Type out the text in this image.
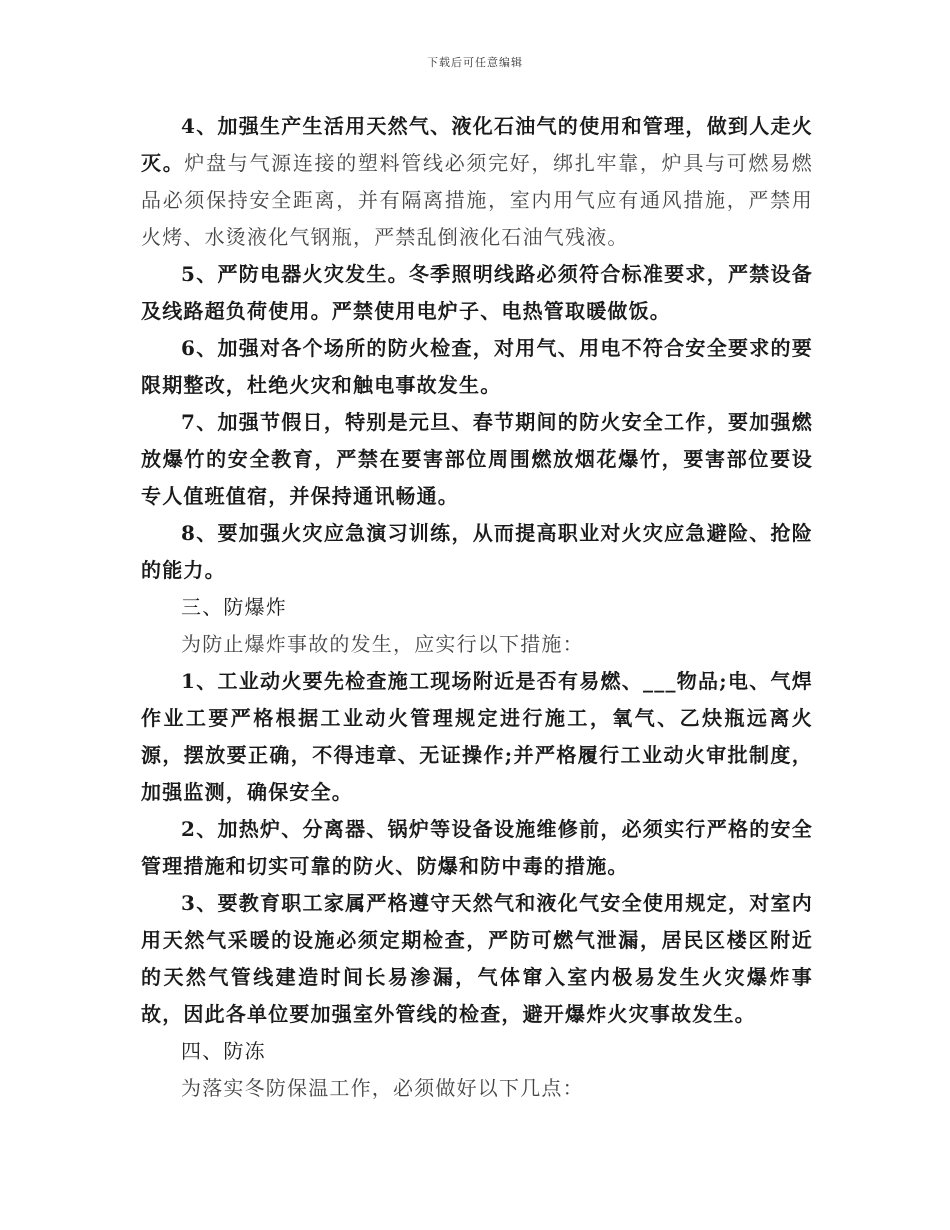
下载后可任意编辑

4、加强生产生活用天然气、液化石油气的使用和管理，做到人走火灭。炉盘与气源连接的塑料管线必须完好，绑扎牢靠，炉具与可燃易燃品必须保持安全距离，并有隔离措施，室内用气应有通风措施，严禁用火烤、水烫液化气钢瓶，严禁乱倒液化石油气残液。

5、严防电器火灾发生。冬季照明线路必须符合标准要求，严禁设备及线路超负荷使用。严禁使用电炉子、电热管取暖做饭。

6、加强对各个场所的防火检查，对用气、用电不符合安全要求的要限期整改，杜绝火灾和触电事故发生。

7、加强节假日，特别是元旦、春节期间的防火安全工作，要加强燃放爆竹的安全教育，严禁在要害部位周围燃放烟花爆竹，要害部位要设专人值班值宿，并保持通讯畅通。

8、要加强火灾应急演习训练，从而提高职业对火灾应急避险、抢险的能力。

三、防爆炸

为防止爆炸事故的发生，应实行以下措施：

1、工业动火要先检查施工现场附近是否有易燃、___物品;电、气焊作业工要严格根据工业动火管理规定进行施工，氧气、乙炔瓶远离火源，摆放要正确，不得违章、无证操作;并严格履行工业动火审批制度，加强监测，确保安全。

2、加热炉、分离器、锅炉等设备设施维修前，必须实行严格的安全管理措施和切实可靠的防火、防爆和防中毒的措施。

3、要教育职工家属严格遵守天然气和液化气安全使用规定，对室内用天然气采暖的设施必须定期检查，严防可燃气泄漏，居民区楼区附近的天然气管线建造时间长易渗漏，气体窜入室内极易发生火灾爆炸事故，因此各单位要加强室外管线的检查，避开爆炸火灾事故发生。

四、防冻

为落实冬防保温工作，必须做好以下几点：
